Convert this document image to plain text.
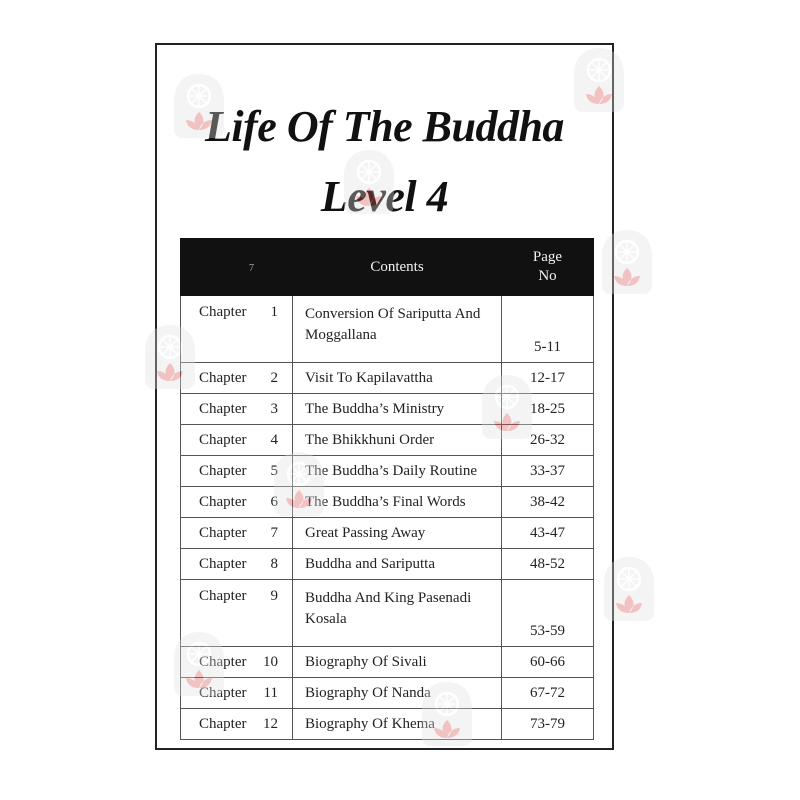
Life Of The Buddha
Level 4
7	Contents	Page
No

Chapter 1	Conversion Of Sariputta And Moggallana	5-11

Chapter 2	Visit To Kapilavattha	12-17

Chapter 3	The Buddha’s Ministry	18-25

Chapter 4	The Bhikkhuni Order	26-32

Chapter 5	The Buddha’s Daily Routine	33-37

Chapter 6	The Buddha’s Final Words	38-42

Chapter 7	Great Passing Away	43-47

Chapter 8	Buddha and Sariputta	48-52

Chapter 9	Buddha And King Pasenadi Kosala	53-59

Chapter 10	Biography Of Sivali	60-66

Chapter 11	Biography Of Nanda	67-72

Chapter 12	Biography Of Khema	73-79
